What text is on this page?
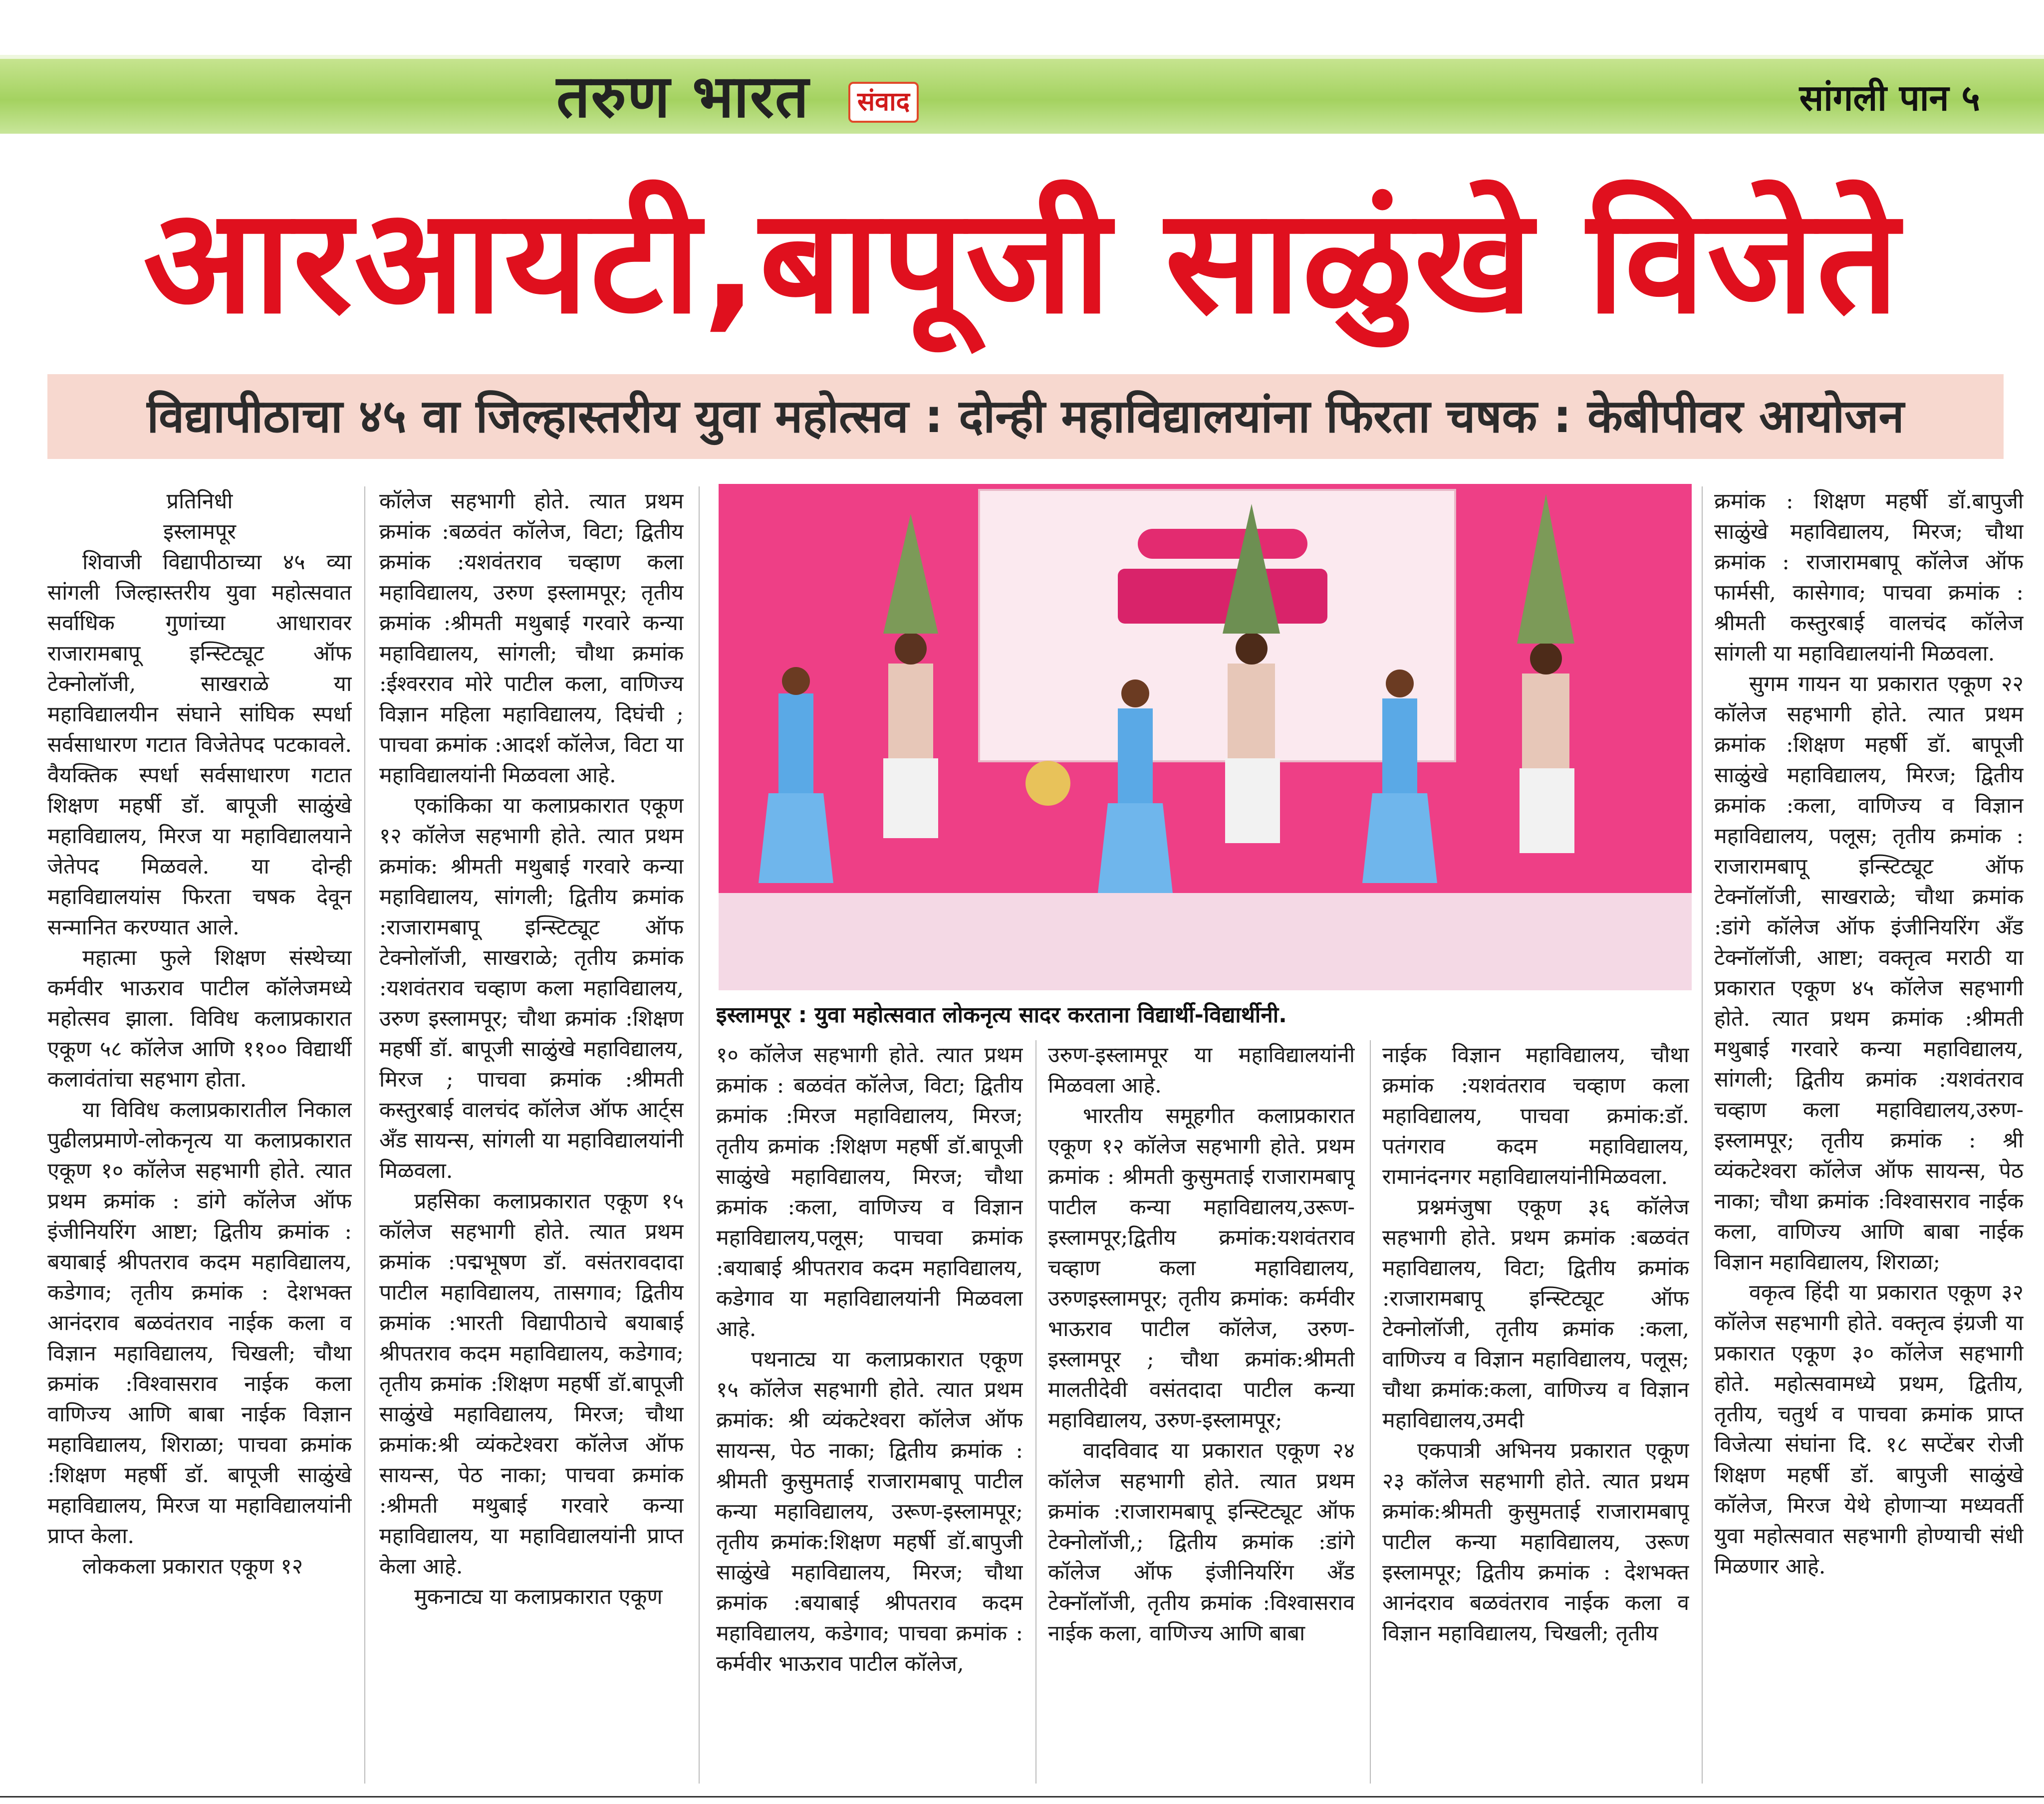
तरुण भारत	संवाद	सांगली पान ५
आरआयटी,बापूजी साळुंखे विजेते
विद्यापीठाचा ४५ वा जिल्हास्तरीय युवा महोत्सव : दोन्ही महाविद्यालयांना फिरता चषक : केबीपीवर आयोजन

प्रतिनिधी

इस्लामपूर

शिवाजी विद्यापीठाच्या ४५ व्या सांगली जिल्हास्तरीय युवा महोत्सवात सर्वाधिक गुणांच्या आधारावर राजारामबापू इन्स्टिट्यूट ऑफ टेक्नोलॉजी, साखराळे या महाविद्यालयीन संघाने सांघिक स्पर्धा सर्वसाधारण गटात विजेतेपद पटकावले. वैयक्तिक स्पर्धा सर्वसाधारण गटात शिक्षण महर्षी डॉ. बापूजी साळुंखे महाविद्यालय, मिरज या महाविद्यालयाने जेतेपद मिळवले. या दोन्ही महाविद्यालयांस फिरता चषक देवून सन्मानित करण्यात आले.

महात्मा फुले शिक्षण संस्थेच्या कर्मवीर भाऊराव पाटील कॉलेजमध्ये महोत्सव झाला. विविध कलाप्रकारात एकूण ५८ कॉलेज आणि ११०० विद्यार्थी कलावंतांचा सहभाग होता.

या विविध कलाप्रकारातील निकाल पुढीलप्रमाणे-लोकनृत्य या कलाप्रकारात एकूण १० कॉलेज सहभागी होते. त्यात प्रथम क्रमांक : डांगे कॉलेज ऑफ इंजीनियरिंग आष्टा; द्वितीय क्रमांक : बयाबाई श्रीपतराव कदम महाविद्यालय, कडेगाव; तृतीय क्रमांक : देशभक्त आनंदराव बळवंतराव नाईक कला व विज्ञान महाविद्यालय, चिखली; चौथा क्रमांक :विश्वासराव नाईक कला वाणिज्य आणि बाबा नाईक विज्ञान महाविद्यालय, शिराळा; पाचवा क्रमांक :शिक्षण महर्षी डॉ. बापूजी साळुंखे महाविद्यालय, मिरज या महाविद्यालयांनी प्राप्त केला.

लोककला प्रकारात एकूण १२

कॉलेज सहभागी होते. त्यात प्रथम क्रमांक :बळवंत कॉलेज, विटा; द्वितीय क्रमांक :यशवंतराव चव्हाण कला महाविद्यालय, उरुण इस्लामपूर; तृतीय क्रमांक :श्रीमती मथुबाई गरवारे कन्या महाविद्यालय, सांगली; चौथा क्रमांक :ईश्वरराव मोरे पाटील कला, वाणिज्य विज्ञान महिला महाविद्यालय, दिघंची ; पाचवा क्रमांक :आदर्श कॉलेज, विटा या महाविद्यालयांनी मिळवला आहे.

एकांकिका या कलाप्रकारात एकूण १२ कॉलेज सहभागी होते. त्यात प्रथम क्रमांक: श्रीमती मथुबाई गरवारे कन्या महाविद्यालय, सांगली; द्वितीय क्रमांक :राजारामबापू इन्स्टिट्यूट ऑफ टेक्नोलॉजी, साखराळे; तृतीय क्रमांक :यशवंतराव चव्हाण कला महाविद्यालय, उरुण इस्लामपूर; चौथा क्रमांक :शिक्षण महर्षी डॉ. बापूजी साळुंखे महाविद्यालय, मिरज ; पाचवा क्रमांक :श्रीमती कस्तुरबाई वालचंद कॉलेज ऑफ आर्ट्स अँड सायन्स, सांगली या महाविद्यालयांनी मिळवला.

प्रहसिका कलाप्रकारात एकूण १५ कॉलेज सहभागी होते. त्यात प्रथम क्रमांक :पद्मभूषण डॉ. वसंतरावदादा पाटील महाविद्यालय, तासगाव; द्वितीय क्रमांक :भारती विद्यापीठाचे बयाबाई श्रीपतराव कदम महाविद्यालय, कडेगाव; तृतीय क्रमांक :शिक्षण महर्षी डॉ.बापूजी साळुंखे महाविद्यालय, मिरज; चौथा क्रमांक:श्री व्यंकटेश्वरा कॉलेज ऑफ सायन्स, पेठ नाका; पाचवा क्रमांक :श्रीमती मथुबाई गरवारे कन्या महाविद्यालय, या महाविद्यालयांनी प्राप्त केला आहे.

मुकनाट्य या कलाप्रकारात एकूण

इस्लामपूर : युवा महोत्सवात लोकनृत्य सादर करताना विद्यार्थी-विद्यार्थीनी.

१० कॉलेज सहभागी होते. त्यात प्रथम क्रमांक : बळवंत कॉलेज, विटा; द्वितीय क्रमांक :मिरज महाविद्यालय, मिरज; तृतीय क्रमांक :शिक्षण महर्षी डॉ.बापूजी साळुंखे महाविद्यालय, मिरज; चौथा क्रमांक :कला, वाणिज्य व विज्ञान महाविद्यालय,पलूस; पाचवा क्रमांक :बयाबाई श्रीपतराव कदम महाविद्यालय, कडेगाव या महाविद्यालयांनी मिळवला आहे.

पथनाट्य या कलाप्रकारात एकूण १५ कॉलेज सहभागी होते. त्यात प्रथम क्रमांक: श्री व्यंकटेश्वरा कॉलेज ऑफ सायन्स, पेठ नाका; द्वितीय क्रमांक : श्रीमती कुसुमताई राजारामबापू पाटील कन्या महाविद्यालय, उरूण-इस्लामपूर; तृतीय क्रमांक:शिक्षण महर्षी डॉ.बापुजी साळुंखे महाविद्यालय, मिरज; चौथा क्रमांक :बयाबाई श्रीपतराव कदम महाविद्यालय, कडेगाव; पाचवा क्रमांक : कर्मवीर भाऊराव पाटील कॉलेज,

उरुण-इस्लामपूर या महाविद्यालयांनी मिळवला आहे.

भारतीय समूहगीत कलाप्रकारात एकूण १२ कॉलेज सहभागी होते. प्रथम क्रमांक : श्रीमती कुसुमताई राजारामबापू पाटील कन्या महाविद्यालय,उरूण-इस्लामपूर;द्वितीय क्रमांक:यशवंतराव चव्हाण कला महाविद्यालय, उरुणइस्लामपूर; तृतीय क्रमांक: कर्मवीर भाऊराव पाटील कॉलेज, उरुण-इस्लामपूर ; चौथा क्रमांक:श्रीमती मालतीदेवी वसंतदादा पाटील कन्या महाविद्यालय, उरुण-इस्लामपूर;

वादविवाद या प्रकारात एकूण २४ कॉलेज सहभागी होते. त्यात प्रथम क्रमांक :राजारामबापू इन्स्टिट्यूट ऑफ टेक्नोलॉजी,; द्वितीय क्रमांक :डांगे कॉलेज ऑफ इंजीनियरिंग अँड टेक्नॉलॉजी, तृतीय क्रमांक :विश्वासराव नाईक कला, वाणिज्य आणि बाबा

नाईक विज्ञान महाविद्यालय, चौथा क्रमांक :यशवंतराव चव्हाण कला महाविद्यालय, पाचवा क्रमांक:डॉ. पतंगराव कदम महाविद्यालय, रामानंदनगर महाविद्यालयांनीमिळवला.

प्रश्नमंजुषा एकूण ३६ कॉलेज सहभागी होते. प्रथम क्रमांक :बळवंत महाविद्यालय, विटा; द्वितीय क्रमांक :राजारामबापू इन्स्टिट्यूट ऑफ टेक्नोलॉजी, तृतीय क्रमांक :कला, वाणिज्य व विज्ञान महाविद्यालय, पलूस; चौथा क्रमांक:कला, वाणिज्य व विज्ञान महाविद्यालय,उमदी

एकपात्री अभिनय प्रकारात एकूण २३ कॉलेज सहभागी होते. त्यात प्रथम क्रमांक:श्रीमती कुसुमताई राजारामबापू पाटील कन्या महाविद्यालय, उरूण इस्लामपूर; द्वितीय क्रमांक : देशभक्त आनंदराव बळवंतराव नाईक कला व विज्ञान महाविद्यालय, चिखली; तृतीय

क्रमांक : शिक्षण महर्षी डॉ.बापुजी साळुंखे महाविद्यालय, मिरज; चौथा क्रमांक : राजारामबापू कॉलेज ऑफ फार्मसी, कासेगाव; पाचवा क्रमांक : श्रीमती कस्तुरबाई वालचंद कॉलेज सांगली या महाविद्यालयांनी मिळवला.

सुगम गायन या प्रकारात एकूण २२ कॉलेज सहभागी होते. त्यात प्रथम क्रमांक :शिक्षण महर्षी डॉ. बापूजी साळुंखे महाविद्यालय, मिरज; द्वितीय क्रमांक :कला, वाणिज्य व विज्ञान महाविद्यालय, पलूस; तृतीय क्रमांक : राजारामबापू इन्स्टिट्यूट ऑफ टेक्नॉलॉजी, साखराळे; चौथा क्रमांक :डांगे कॉलेज ऑफ इंजीनियरिंग अँड टेक्नॉलॉजी, आष्टा; वक्तृत्व मराठी या प्रकारात एकूण ४५ कॉलेज सहभागी होते. त्यात प्रथम क्रमांक :श्रीमती मथुबाई गरवारे कन्या महाविद्यालय, सांगली; द्वितीय क्रमांक :यशवंतराव चव्हाण कला महाविद्यालय,उरुण-इस्लामपूर; तृतीय क्रमांक : श्री व्यंकटेश्वरा कॉलेज ऑफ सायन्स, पेठ नाका; चौथा क्रमांक :विश्वासराव नाईक कला, वाणिज्य आणि बाबा नाईक विज्ञान महाविद्यालय, शिराळा;

वकृत्व हिंदी या प्रकारात एकूण ३२ कॉलेज सहभागी होते. वक्तृत्व इंग्रजी या प्रकारात एकूण ३० कॉलेज सहभागी होते. महोत्सवामध्ये प्रथम, द्वितीय, तृतीय, चतुर्थ व पाचवा क्रमांक प्राप्त विजेत्या संघांना दि. १८ सप्टेंबर रोजी शिक्षण महर्षी डॉ. बापुजी साळुंखे कॉलेज, मिरज येथे होणाऱ्या मध्यवर्ती युवा महोत्सवात सहभागी होण्याची संधी मिळणार आहे.
